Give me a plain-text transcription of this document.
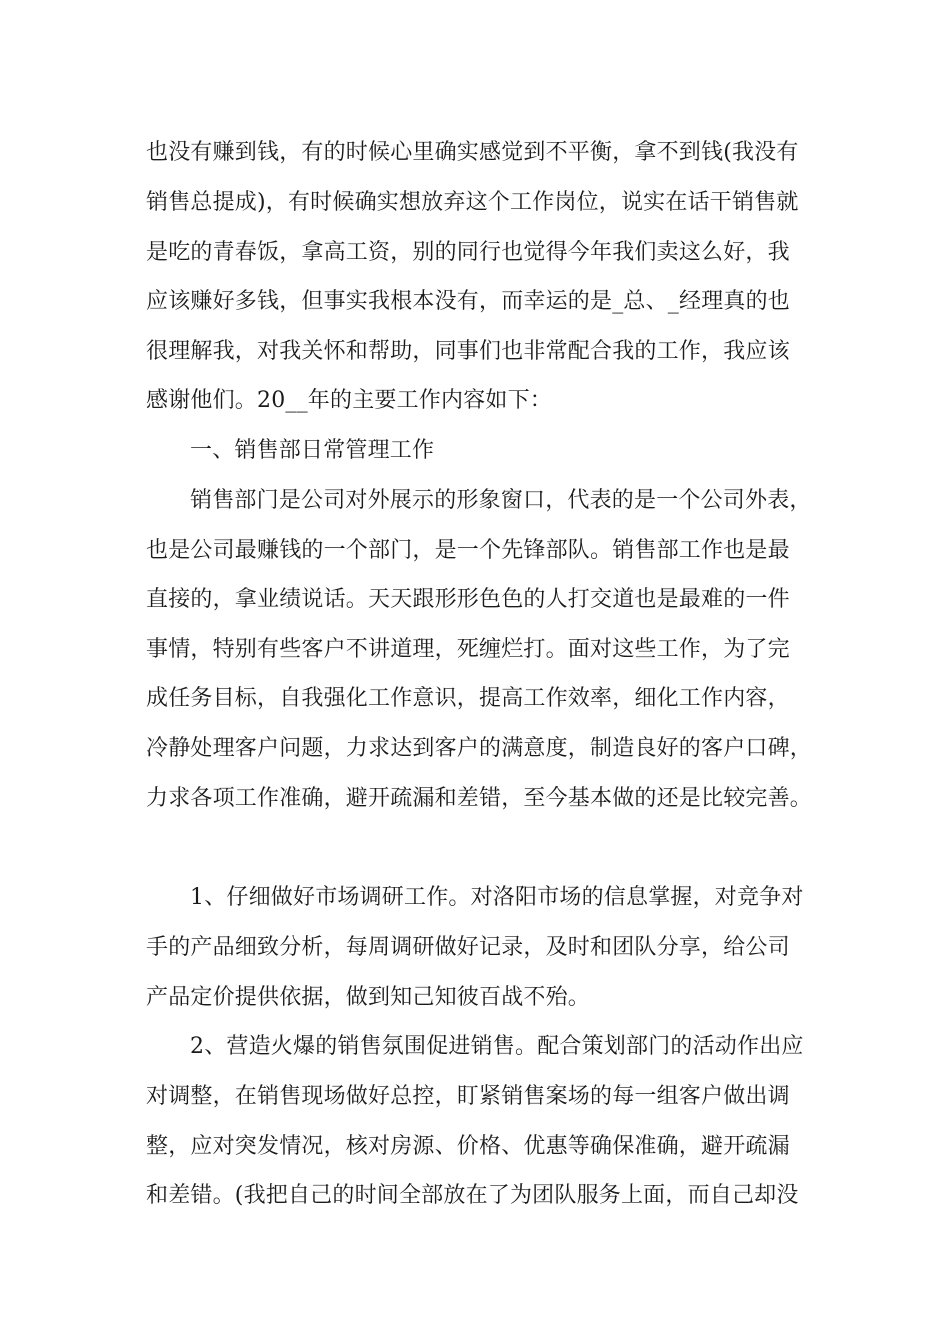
也没有赚到钱，有的时候心里确实感觉到不平衡，拿不到钱(我没有
销售总提成)，有时候确实想放弃这个工作岗位，说实在话干销售就
是吃的青春饭，拿高工资，别的同行也觉得今年我们卖这么好，我
应该赚好多钱，但事实我根本没有，而幸运的是_总、_经理真的也
很理解我，对我关怀和帮助，同事们也非常配合我的工作，我应该
感谢他们。20__年的主要工作内容如下：
一、销售部日常管理工作
销售部门是公司对外展示的形象窗口，代表的是一个公司外表，
也是公司最赚钱的一个部门，是一个先锋部队。销售部工作也是最
直接的，拿业绩说话。天天跟形形色色的人打交道也是最难的一件
事情，特别有些客户不讲道理，死缠烂打。面对这些工作，为了完
成任务目标，自我强化工作意识，提高工作效率，细化工作内容，
冷静处理客户问题，力求达到客户的满意度，制造良好的客户口碑，
力求各项工作准确，避开疏漏和差错，至今基本做的还是比较完善。
1、仔细做好市场调研工作。对洛阳市场的信息掌握，对竞争对
手的产品细致分析，每周调研做好记录，及时和团队分享，给公司
产品定价提供依据，做到知己知彼百战不殆。
2、营造火爆的销售氛围促进销售。配合策划部门的活动作出应
对调整，在销售现场做好总控，盯紧销售案场的每一组客户做出调
整，应对突发情况，核对房源、价格、优惠等确保准确，避开疏漏
和差错。(我把自己的时间全部放在了为团队服务上面，而自己却没
